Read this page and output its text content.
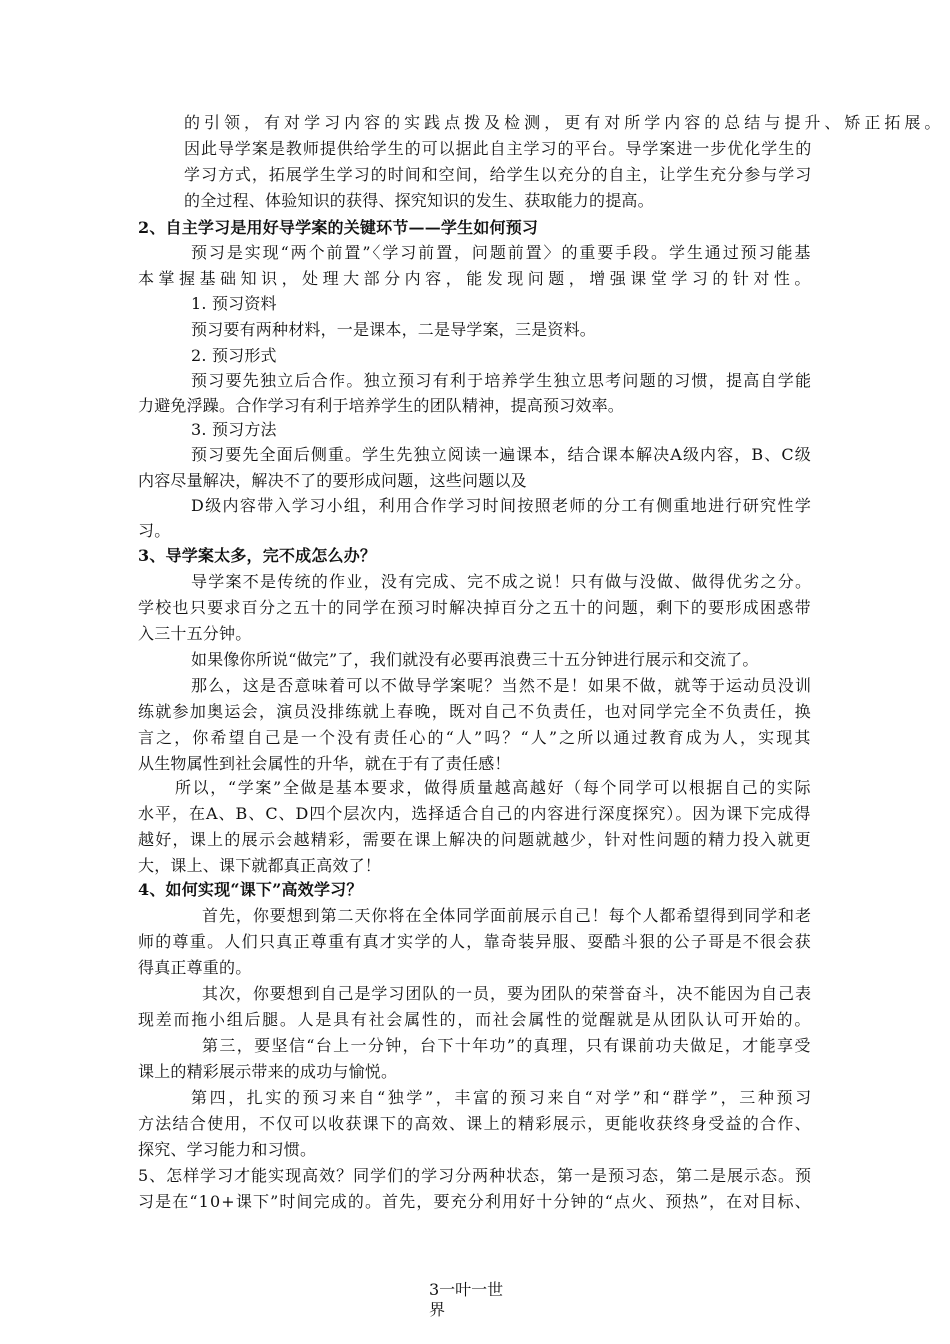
的引领，有对学习内容的实践点拨及检测，更有对所学内容的总结与提升、矫正拓展。
因此导学案是教师提供给学生的可以据此自主学习的平台。导学案进一步优化学生的
学习方式，拓展学生学习的时间和空间，给学生以充分的自主，让学生充分参与学习
的全过程、体验知识的获得、探究知识的发生、获取能力的提高。
2、自主学习是用好导学案的关键环节——学生如何预习
预习是实现“两个前置”〈学习前置，问题前置〉的重要手段。学生通过预习能基
本掌握基础知识，处理大部分内容，能发现问题，增强课堂学习的针对性。
1. 预习资料
预习要有两种材料，一是课本，二是导学案，三是资料。
2. 预习形式
预习要先独立后合作。独立预习有利于培养学生独立思考问题的习惯，提高自学能
力避免浮躁。合作学习有利于培养学生的团队精神，提高预习效率。
3. 预习方法
预习要先全面后侧重。学生先独立阅读一遍课本，结合课本解决A级内容，B、C级
内容尽量解决，解决不了的要形成问题，这些问题以及
D级内容带入学习小组，利用合作学习时间按照老师的分工有侧重地进行研究性学
习。
3、导学案太多，完不成怎么办？
导学案不是传统的作业，没有完成、完不成之说！只有做与没做、做得优劣之分。
学校也只要求百分之五十的同学在预习时解决掉百分之五十的问题，剩下的要形成困惑带
入三十五分钟。
如果像你所说“做完”了，我们就没有必要再浪费三十五分钟进行展示和交流了。
那么，这是否意味着可以不做导学案呢？当然不是！如果不做，就等于运动员没训
练就参加奥运会，演员没排练就上春晚，既对自己不负责任，也对同学完全不负责任，换
言之，你希望自己是一个没有责任心的“人”吗？“人”之所以通过教育成为人，实现其
从生物属性到社会属性的升华，就在于有了责任感！
所以，“学案”全做是基本要求，做得质量越高越好（每个同学可以根据自己的实际
水平，在A、B、C、D四个层次内，选择适合自己的内容进行深度探究）。因为课下完成得
越好，课上的展示会越精彩，需要在课上解决的问题就越少，针对性问题的精力投入就更
大，课上、课下就都真正高效了！
4、如何实现“课下”高效学习？
首先，你要想到第二天你将在全体同学面前展示自己！每个人都希望得到同学和老
师的尊重。人们只真正尊重有真才实学的人，靠奇装异服、耍酷斗狠的公子哥是不很会获
得真正尊重的。
其次，你要想到自己是学习团队的一员，要为团队的荣誉奋斗，决不能因为自己表
现差而拖小组后腿。人是具有社会属性的，而社会属性的觉醒就是从团队认可开始的。
第三，要坚信“台上一分钟，台下十年功”的真理，只有课前功夫做足，才能享受
课上的精彩展示带来的成功与愉悦。
第四，扎实的预习来自“独学”，丰富的预习来自“对学”和“群学”，三种预习
方法结合使用，不仅可以收获课下的高效、课上的精彩展示，更能收获终身受益的合作、
探究、学习能力和习惯。
5、怎样学习才能实现高效？同学们的学习分两种状态，第一是预习态，第二是展示态。预
习是在“10+课下”时间完成的。首先，要充分利用好十分钟的“点火、预热”，在对目标、
3一叶一世
界
